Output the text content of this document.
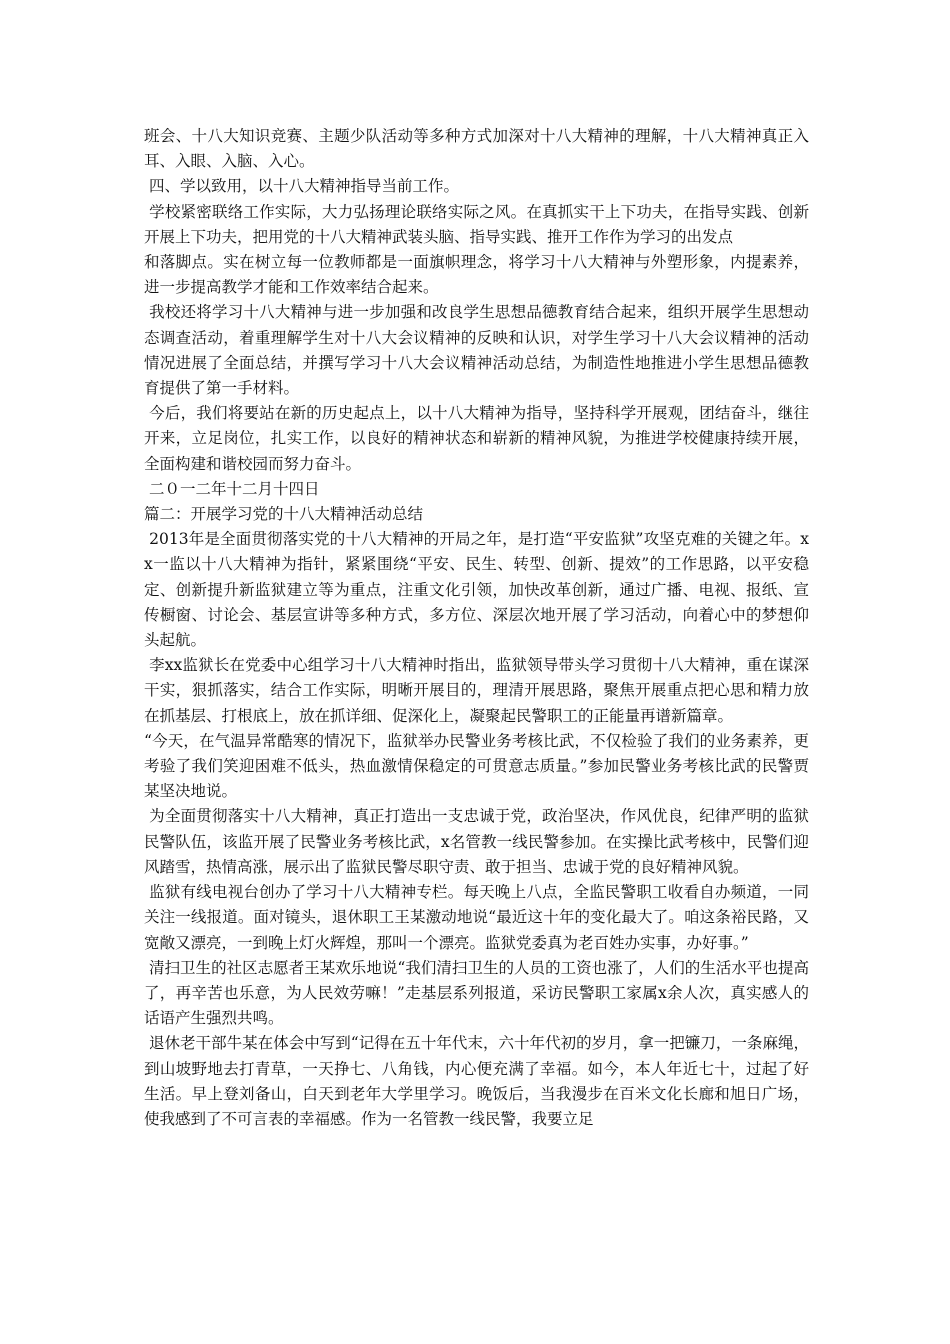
班会、十八大知识竞赛、主题少队活动等多种方式加深对十八大精神的理解，十八大精神真正入耳、入眼、入脑、入心。

四、学以致用，以十八大精神指导当前工作。

学校紧密联络工作实际，大力弘扬理论联络实际之风。在真抓实干上下功夫，在指导实践、创新开展上下功夫，把用党的十八大精神武装头脑、指导实践、推开工作作为学习的出发点

和落脚点。实在树立每一位教师都是一面旗帜理念，将学习十八大精神与外塑形象，内提素养，进一步提高教学才能和工作效率结合起来。

我校还将学习十八大精神与进一步加强和改良学生思想品德教育结合起来，组织开展学生思想动态调查活动，着重理解学生对十八大会议精神的反映和认识，对学生学习十八大会议精神的活动情况进展了全面总结，并撰写学习十八大会议精神活动总结，为制造性地推进小学生思想品德教育提供了第一手材料。

今后，我们将要站在新的历史起点上，以十八大精神为指导，坚持科学开展观，团结奋斗，继往开来，立足岗位，扎实工作，以良好的精神状态和崭新的精神风貌，为推进学校健康持续开展，全面构建和谐校园而努力奋斗。

二０一二年十二月十四日

篇二：开展学习党的十八大精神活动总结

2013年是全面贯彻落实党的十八大精神的开局之年，是打造“平安监狱”攻坚克难的关键之年。xx一监以十八大精神为指针，紧紧围绕“平安、民生、转型、创新、提效”的工作思路，以平安稳定、创新提升新监狱建立等为重点，注重文化引领，加快改革创新，通过广播、电视、报纸、宣传橱窗、讨论会、基层宣讲等多种方式，多方位、深层次地开展了学习活动，向着心中的梦想仰头起航。

李xx监狱长在党委中心组学习十八大精神时指出，监狱领导带头学习贯彻十八大精神，重在谋深干实，狠抓落实，结合工作实际，明晰开展目的，理清开展思路，聚焦开展重点把心思和精力放在抓基层、打根底上，放在抓详细、促深化上，凝聚起民警职工的正能量再谱新篇章。

“今天，在气温异常酷寒的情况下，监狱举办民警业务考核比武，不仅检验了我们的业务素养，更考验了我们笑迎困难不低头，热血激情保稳定的可贯意志质量。”参加民警业务考核比武的民警贾某坚决地说。

为全面贯彻落实十八大精神，真正打造出一支忠诚于党，政治坚决，作风优良，纪律严明的监狱民警队伍，该监开展了民警业务考核比武，x名管教一线民警参加。在实操比武考核中，民警们迎风踏雪，热情高涨，展示出了监狱民警尽职守责、敢于担当、忠诚于党的良好精神风貌。

监狱有线电视台创办了学习十八大精神专栏。每天晚上八点，全监民警职工收看自办频道，一同关注一线报道。面对镜头，退休职工王某激动地说“最近这十年的变化最大了。咱这条裕民路，又宽敞又漂亮，一到晚上灯火辉煌，那叫一个漂亮。监狱党委真为老百姓办实事，办好事。”

清扫卫生的社区志愿者王某欢乐地说“我们清扫卫生的人员的工资也涨了，人们的生活水平也提高了，再辛苦也乐意，为人民效劳嘛！”走基层系列报道，采访民警职工家属x余人次，真实感人的话语产生强烈共鸣。

退休老干部牛某在体会中写到“记得在五十年代末，六十年代初的岁月，拿一把镰刀，一条麻绳，到山坡野地去打青草，一天挣七、八角钱，内心便充满了幸福。如今，本人年近七十，过起了好生活。早上登刘备山，白天到老年大学里学习。晚饭后，当我漫步在百米文化长廊和旭日广场，使我感到了不可言表的幸福感。作为一名管教一线民警，我要立足
